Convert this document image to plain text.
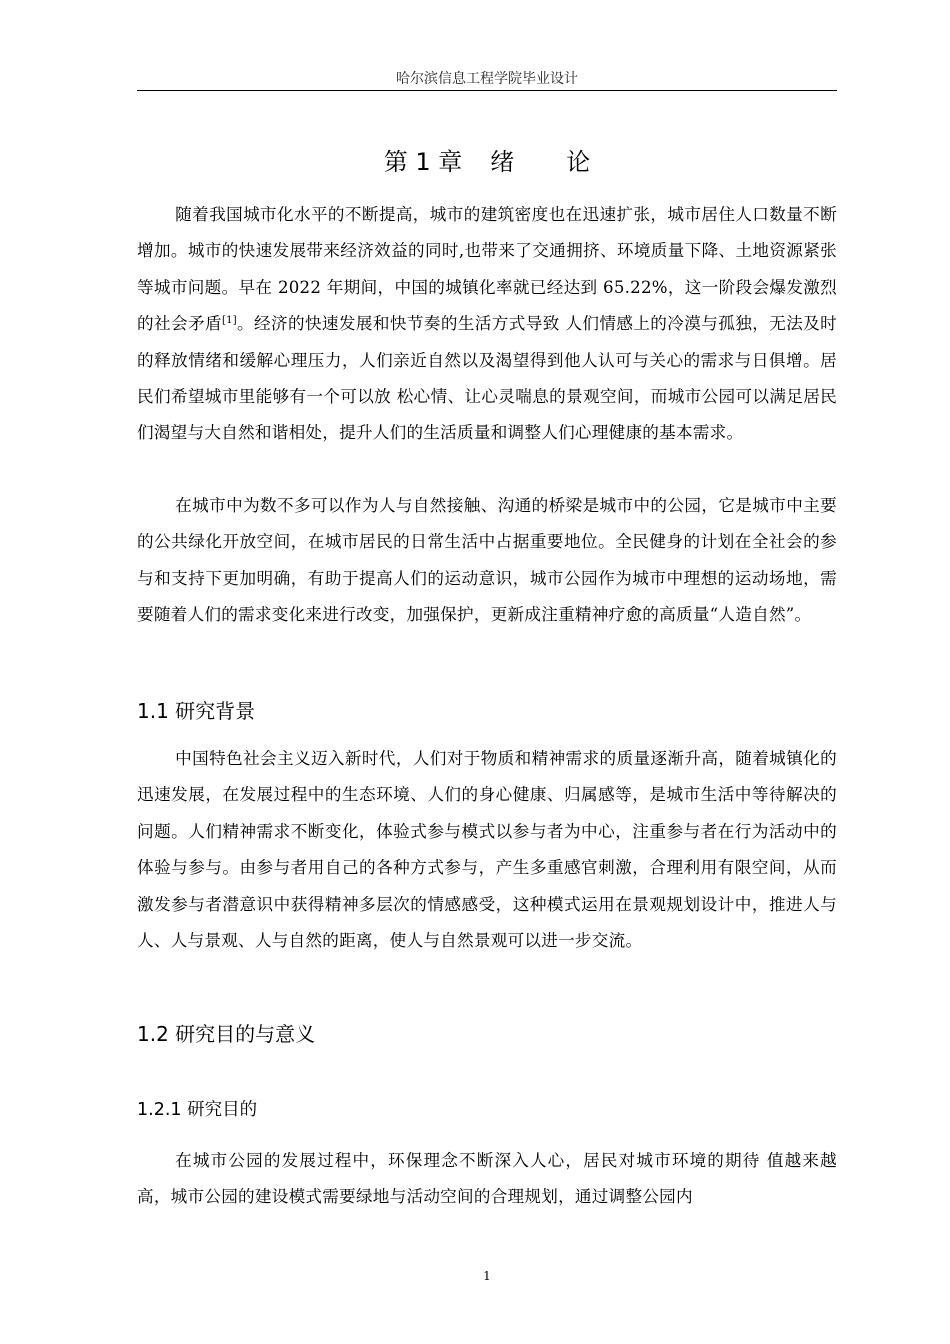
哈尔滨信息工程学院毕业设计
第 1 章 绪 论

随着我国城市化水平的不断提高，城市的建筑密度也在迅速扩张，城市居住人口数量不断增加。城市的快速发展带来经济效益的同时,也带来了交通拥挤、环境质量下降、土地资源紧张等城市问题。早在 2022 年期间，中国的城镇化率就已经达到 65.22%，这一阶段会爆发激烈的社会矛盾[1]。经济的快速发展和快节奏的生活方式导致 人们情感上的冷漠与孤独，无法及时的释放情绪和缓解心理压力，人们亲近自然以及渴望得到他人认可与关心的需求与日俱增。居民们希望城市里能够有一个可以放 松心情、让心灵喘息的景观空间，而城市公园可以满足居民们渴望与大自然和谐相处，提升人们的生活质量和调整人们心理健康的基本需求。

在城市中为数不多可以作为人与自然接触、沟通的桥梁是城市中的公园，它是城市中主要的公共绿化开放空间，在城市居民的日常生活中占据重要地位。全民健身的计划在全社会的参与和支持下更加明确，有助于提高人们的运动意识，城市公园作为城市中理想的运动场地，需要随着人们的需求变化来进行改变，加强保护，更新成注重精神疗愈的高质量“人造自然”。

1.1 研究背景

中国特色社会主义迈入新时代，人们对于物质和精神需求的质量逐渐升高，随着城镇化的迅速发展，在发展过程中的生态环境、人们的身心健康、归属感等，是城市生活中等待解决的问题。人们精神需求不断变化，体验式参与模式以参与者为中心，注重参与者在行为活动中的体验与参与。由参与者用自己的各种方式参与，产生多重感官刺激，合理利用有限空间，从而激发参与者潜意识中获得精神多层次的情感感受，这种模式运用在景观规划设计中，推进人与人、人与景观、人与自然的距离，使人与自然景观可以进一步交流。

1.2 研究目的与意义
1.2.1 研究目的

在城市公园的发展过程中，环保理念不断深入人心，居民对城市环境的期待 值越来越高，城市公园的建设模式需要绿地与活动空间的合理规划，通过调整公园内

1
